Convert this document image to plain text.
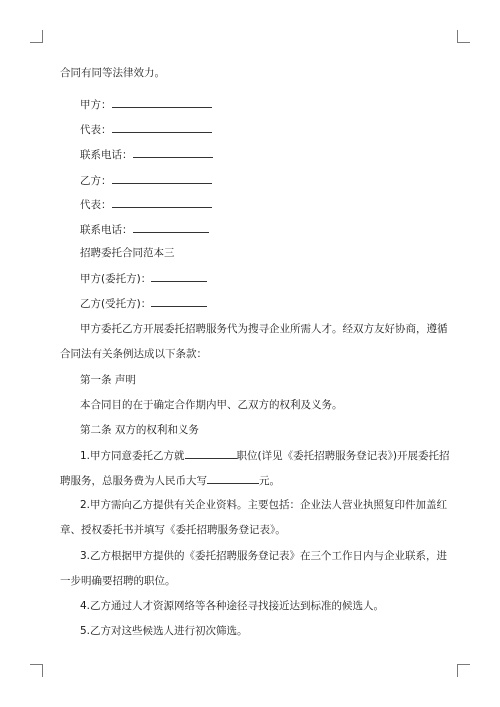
合同有同等法律效力。
甲方：
代表：
联系电话：
乙方：
代表：
联系电话：
招聘委托合同范本三
甲方(委托方)：
乙方(受托方)：
甲方委托乙方开展委托招聘服务代为搜寻企业所需人才。经双方友好协商，遵循
合同法有关条例达成以下条款：
第一条 声明
本合同目的在于确定合作期内甲、乙双方的权利及义务。
第二条 双方的权利和义务
1.甲方同意委托乙方就	职位(详见《委托招聘服务登记表》)开展委托招
聘服务，总服务费为人民币大写	元。
2.甲方需向乙方提供有关企业资料。主要包括：企业法人营业执照复印件加盖红
章、授权委托书并填写《委托招聘服务登记表》。
3.乙方根据甲方提供的《委托招聘服务登记表》在三个工作日内与企业联系，进
一步明确要招聘的职位。
4.乙方通过人才资源网络等各种途径寻找接近达到标准的候选人。
5.乙方对这些候选人进行初次筛选。
